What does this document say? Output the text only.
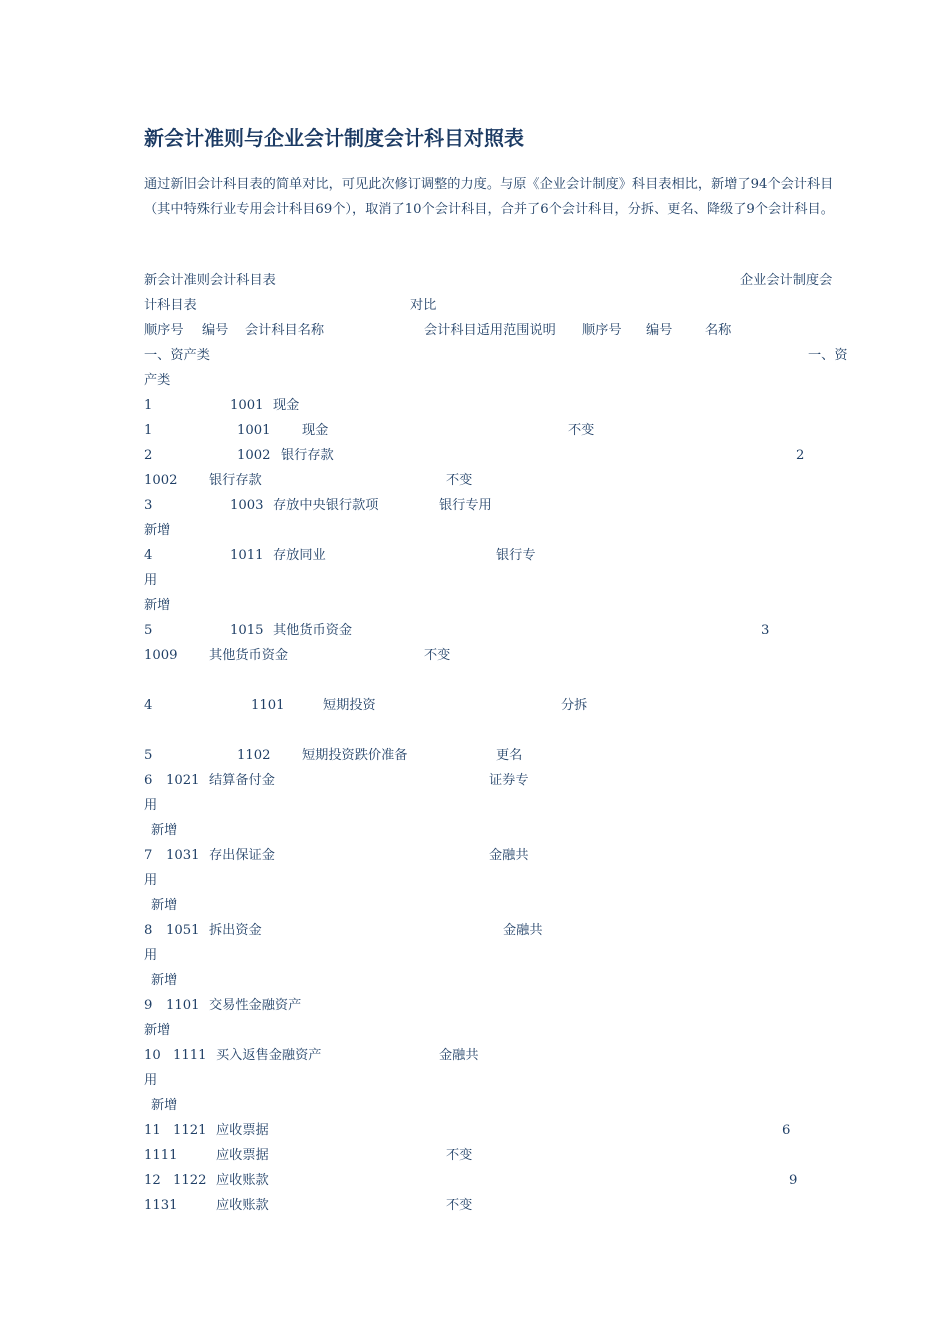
新会计准则与企业会计制度会计科目对照表
通过新旧会计科目表的简单对比，可见此次修订调整的力度。与原《企业会计制度》科目表相比，新增了94个会计科目（其中特殊行业专用会计科目69个），取消了10个会计科目，合并了6个会计科目，分拆、更名、降级了9个会计科目。
新会计准则会计科目表	企业会计制度会
计科目表	对比
顺序号 编号 会计科目名称	会计科目适用范围说明 顺序号 编号 名称
一、资产类	一、资
产类
1	1001 现金
1	1001 现金	不变
2	1002 银行存款	2
1002 银行存款	不变
3	1003 存放中央银行款项	银行专用
新增
4	1011 存放同业	银行专
用
新增
5	1015 其他货币资金	3
1009 其他货币资金	不变
4	1101	短期投资	分拆
5	1102 短期投资跌价准备	更名
6 1021 结算备付金	证券专
用
新增
7 1031 存出保证金	金融共
用
新增
8 1051 拆出资金	金融共
用
新增
9 1101 交易性金融资产
新增
10 1111 买入返售金融资产	金融共
用
新增
11 1121 应收票据	6
1111	应收票据	不变
12 1122 应收账款	9
1131	应收账款	不变
